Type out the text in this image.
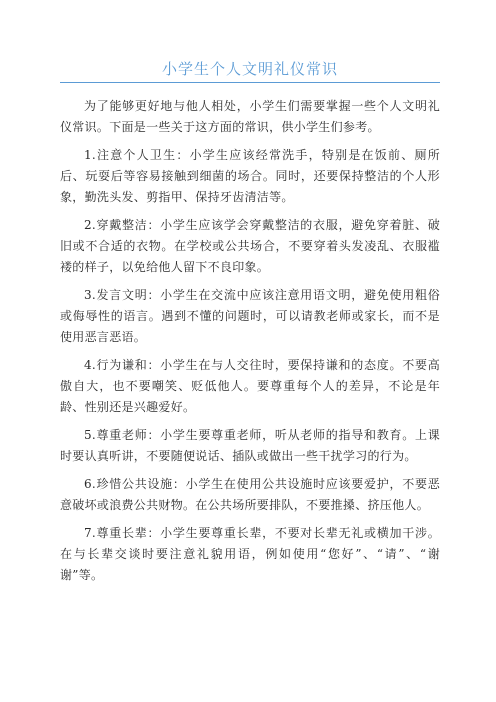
小学生个人文明礼仪常识

为了能够更好地与他人相处，小学生们需要掌握一些个人文明礼仪常识。下面是一些关于这方面的常识，供小学生们参考。

1.注意个人卫生：小学生应该经常洗手，特别是在饭前、厕所后、玩耍后等容易接触到细菌的场合。同时，还要保持整洁的个人形象，勤洗头发、剪指甲、保持牙齿清洁等。

2.穿戴整洁：小学生应该学会穿戴整洁的衣服，避免穿着脏、破旧或不合适的衣物。在学校或公共场合，不要穿着头发凌乱、衣服褴褛的样子，以免给他人留下不良印象。

3.发言文明：小学生在交流中应该注意用语文明，避免使用粗俗或侮辱性的语言。遇到不懂的问题时，可以请教老师或家长，而不是使用恶言恶语。

4.行为谦和：小学生在与人交往时，要保持谦和的态度。不要高傲自大，也不要嘲笑、贬低他人。要尊重每个人的差异，不论是年龄、性别还是兴趣爱好。

5.尊重老师：小学生要尊重老师，听从老师的指导和教育。上课时要认真听讲，不要随便说话、插队或做出一些干扰学习的行为。

6.珍惜公共设施：小学生在使用公共设施时应该要爱护，不要恶意破坏或浪费公共财物。在公共场所要排队，不要推搡、挤压他人。

7.尊重长辈：小学生要尊重长辈，不要对长辈无礼或横加干涉。在与长辈交谈时要注意礼貌用语，例如使用“您好”、“请”、“谢谢”等。
